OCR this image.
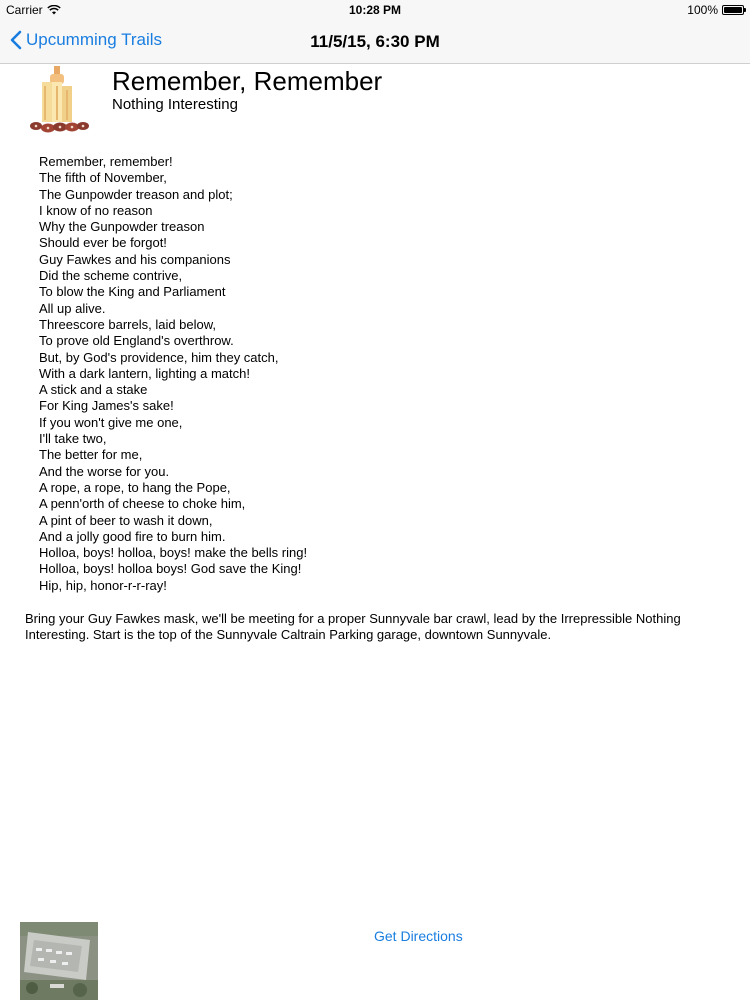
Carrier	10:28 PM	100%
Upcumming Trails	11/5/15, 6:30 PM
Remember, Remember
Nothing Interesting
Remember, remember!
The fifth of November,
The Gunpowder treason and plot;
I know of no reason
Why the Gunpowder treason
Should ever be forgot!
Guy Fawkes and his companions
Did the scheme contrive,
To blow the King and Parliament
All up alive.
Threescore barrels, laid below,
To prove old England's overthrow.
But, by God's providence, him they catch,
With a dark lantern, lighting a match!
A stick and a stake
For King James's sake!
If you won't give me one,
I'll take two,
The better for me,
And the worse for you.
A rope, a rope, to hang the Pope,
A penn'orth of cheese to choke him,
A pint of beer to wash it down,
And a jolly good fire to burn him.
Holloa, boys! holloa, boys! make the bells ring!
Holloa, boys! holloa boys! God save the King!
Hip, hip, honor-r-r-ray!
Bring your Guy Fawkes mask, we'll be meeting for a proper Sunnyvale bar crawl, lead by the Irrepressible Nothing Interesting. Start is the top of the Sunnyvale Caltrain Parking garage, downtown Sunnyvale.
Get Directions
